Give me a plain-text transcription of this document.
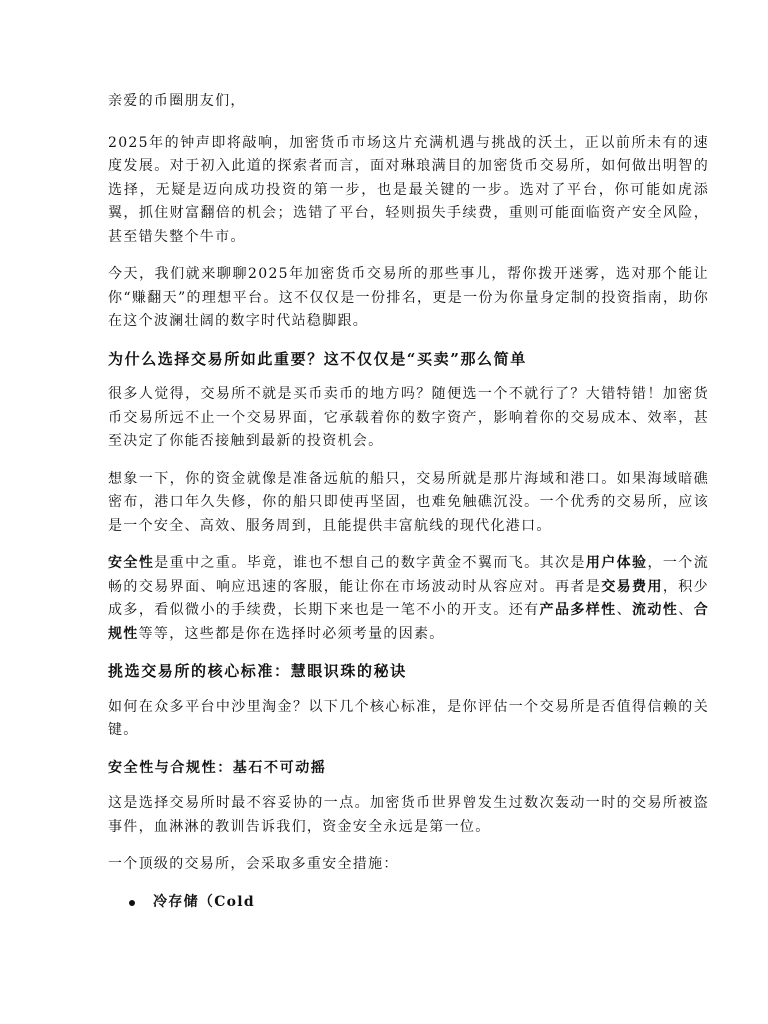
亲爱的币圈朋友们，

2025年的钟声即将敲响，加密货币市场这片充满机遇与挑战的沃土，正以前所未有的速度发展。对于初入此道的探索者而言，面对琳琅满目的加密货币交易所，如何做出明智的选择，无疑是迈向成功投资的第一步，也是最关键的一步。选对了平台，你可能如虎添翼，抓住财富翻倍的机会；选错了平台，轻则损失手续费，重则可能面临资产安全风险，甚至错失整个牛市。

今天，我们就来聊聊2025年加密货币交易所的那些事儿，帮你拨开迷雾，选对那个能让你“赚翻天”的理想平台。这不仅仅是一份排名，更是一份为你量身定制的投资指南，助你在这个波澜壮阔的数字时代站稳脚跟。

为什么选择交易所如此重要？这不仅仅是“买卖”那么简单

很多人觉得，交易所不就是买币卖币的地方吗？随便选一个不就行了？大错特错！加密货币交易所远不止一个交易界面，它承载着你的数字资产，影响着你的交易成本、效率，甚至决定了你能否接触到最新的投资机会。

想象一下，你的资金就像是准备远航的船只，交易所就是那片海域和港口。如果海域暗礁密布，港口年久失修，你的船只即使再坚固，也难免触礁沉没。一个优秀的交易所，应该是一个安全、高效、服务周到，且能提供丰富航线的现代化港口。

安全性是重中之重。毕竟，谁也不想自己的数字黄金不翼而飞。其次是用户体验，一个流畅的交易界面、响应迅速的客服，能让你在市场波动时从容应对。再者是交易费用，积少成多，看似微小的手续费，长期下来也是一笔不小的开支。还有产品多样性、流动性、合规性等等，这些都是你在选择时必须考量的因素。

挑选交易所的核心标准：慧眼识珠的秘诀

如何在众多平台中沙里淘金？以下几个核心标准，是你评估一个交易所是否值得信赖的关键。

安全性与合规性：基石不可动摇

这是选择交易所时最不容妥协的一点。加密货币世界曾发生过数次轰动一时的交易所被盗事件，血淋淋的教训告诉我们，资金安全永远是第一位。

一个顶级的交易所，会采取多重安全措施：

冷存储（Cold
